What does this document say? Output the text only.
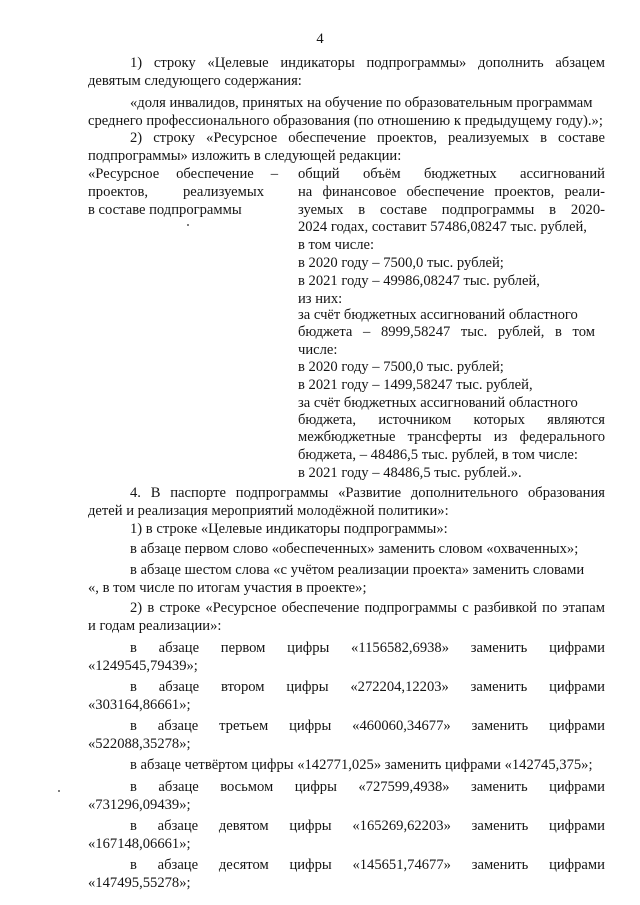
4
1) строку «Целевые индикаторы подпрограммы» дополнить абзацем
девятым следующего содержания:
«доля инвалидов, принятых на обучение по образовательным программам
среднего профессионального образования (по отношению к предыдущему году).»;
2) строку «Ресурсное обеспечение проектов, реализуемых в составе
подпрограммы» изложить в следующей редакции:
«Ресурсное обеспечение –
проектов, реализуемых
в составе подпрограммы
общий объём бюджетных ассигнований
на финансовое обеспечение проектов, реали-
зуемых в составе подпрограммы в 2020-
2024 годах, составит 57486,08247 тыс. рублей,
в том числе:
в 2020 году – 7500,0 тыс. рублей;
в 2021 году – 49986,08247 тыс. рублей,
из них:
за счёт бюджетных ассигнований областного
бюджета – 8999,58247 тыс. рублей, в том
числе:
в 2020 году – 7500,0 тыс. рублей;
в 2021 году – 1499,58247 тыс. рублей,
за счёт бюджетных ассигнований областного
бюджета, источником которых являются
межбюджетные трансферты из федерального
бюджета, – 48486,5 тыс. рублей, в том числе:
в 2021 году – 48486,5 тыс. рублей.».
4. В паспорте подпрограммы «Развитие дополнительного образования
детей и реализация мероприятий молодёжной политики»:
1) в строке «Целевые индикаторы подпрограммы»:
в абзаце первом слово «обеспеченных» заменить словом «охваченных»;
в абзаце шестом слова «с учётом реализации проекта» заменить словами
«, в том числе по итогам участия в проекте»;
2) в строке «Ресурсное обеспечение подпрограммы с разбивкой по этапам
и годам реализации»:
в абзаце первом цифры «1156582,6938» заменить цифрами
«1249545,79439»;
в абзаце втором цифры «272204,12203» заменить цифрами
«303164,86661»;
в абзаце третьем цифры «460060,34677» заменить цифрами
«522088,35278»;
в абзаце четвёртом цифры «142771,025» заменить цифрами «142745,375»;
в абзаце восьмом цифры «727599,4938» заменить цифрами
«731296,09439»;
в абзаце девятом цифры «165269,62203» заменить цифрами
«167148,06661»;
в абзаце десятом цифры «145651,74677» заменить цифрами
«147495,55278»;
